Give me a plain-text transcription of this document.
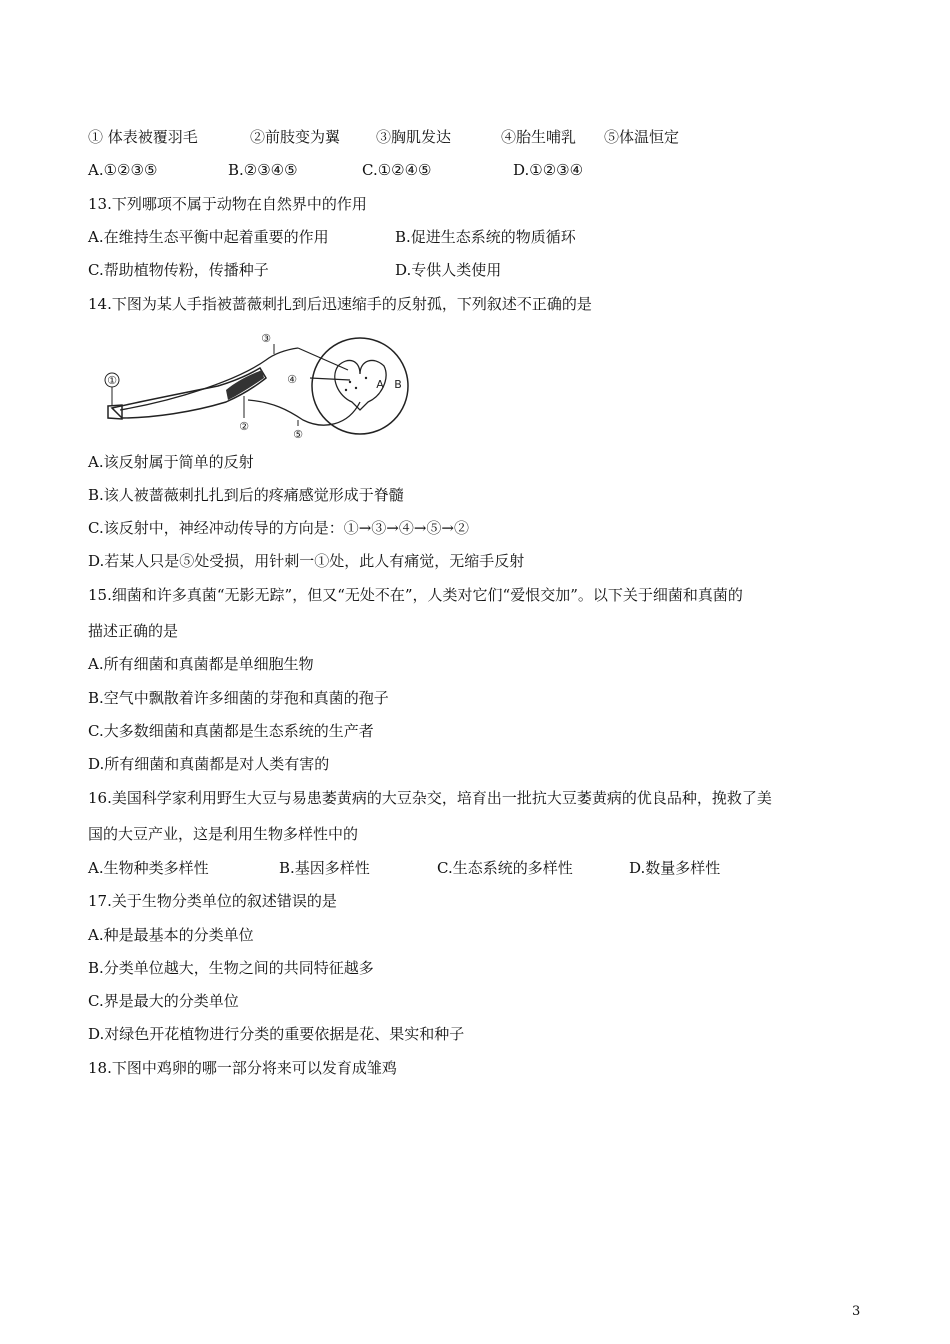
① 体表被覆羽毛	②前肢变为翼 ③胸肌发达	④胎生哺乳 ⑤体温恒定
A.①②③⑤	B.②③④⑤	C.①②④⑤	D.①②③④

13.下列哪项不属于动物在自然界中的作用

A.在维持生态平衡中起着重要的作用	B.促进生态系统的物质循环
C.帮助植物传粉，传播种子	D.专供人类使用

14.下图为某人手指被蔷薇刺扎到后迅速缩手的反射孤，下列叙述不正确的是

①
②
③
④
⑤
A B

A.该反射属于简单的反射

B.该人被蔷薇刺扎扎到后的疼痛感觉形成于脊髓

C.该反射中，神经冲动传导的方向是：①→③→④→⑤→②

D.若某人只是⑤处受损，用针刺一①处，此人有痛觉，无缩手反射

15.细菌和许多真菌“无影无踪”，但又“无处不在”，人类对它们“爱恨交加”。以下关于细菌和真菌的

描述正确的是

A.所有细菌和真菌都是单细胞生物

B.空气中飘散着许多细菌的芽孢和真菌的孢子

C.大多数细菌和真菌都是生态系统的生产者

D.所有细菌和真菌都是对人类有害的

16.美国科学家利用野生大豆与易患萎黄病的大豆杂交，培育出一批抗大豆萎黄病的优良品种，挽救了美

国的大豆产业，这是利用生物多样性中的

A.生物种类多样性	B.基因多样性	C.生态系统的多样性	D.数量多样性

17.关于生物分类单位的叙述错误的是

A.种是最基本的分类单位

B.分类单位越大，生物之间的共同特征越多

C.界是最大的分类单位

D.对绿色开花植物进行分类的重要依据是花、果实和种子

18.下图中鸡卵的哪一部分将来可以发育成雏鸡

3
